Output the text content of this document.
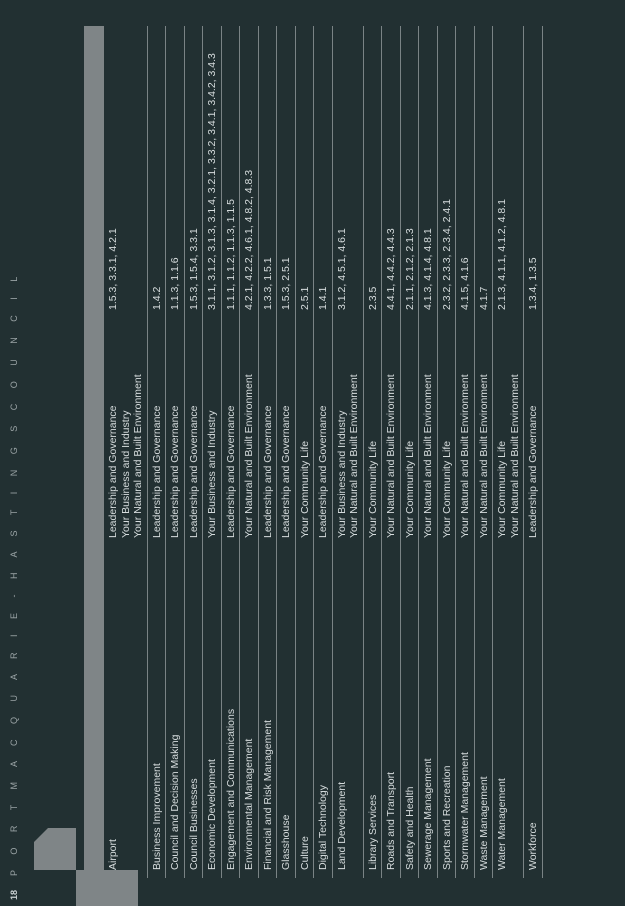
18
P O R T M A C Q U A R I E - H A S T I N G S C O U N C I L	Airport
Leadership and Governance Your Business and Industry Your Natural and Built Environment
1.5.3, 3.3.1, 4.2.1
Business Improvement
Leadership and Governance
1.4.2
Council and Decision Making
Leadership and Governance
1.1.3, 1.1.6
Council Businesses
Leadership and Governance
1.5.3, 1.5.4, 3.3.1
Economic Development
Your Business and Industry
3.1.1, 3.1.2, 3.1.3, 3.1.4, 3.2.1, 3.3.2, 3.4.1, 3.4.2, 3.4.3
Engagement and Communications
Leadership and Governance
1.1.1, 1.1.2, 1.1.3, 1.1.5
Environmental Management
Your Natural and Built Environment
4.2.1, 4.2.2, 4.6.1, 4.8.2, 4.8.3
Financial and Risk Management
Leadership and Governance
1.3.3, 1.5.1
Glasshouse
Leadership and Governance
1.5.3, 2.5.1
Culture
Your Community Life
2.5.1
Digital Technology
Leadership and Governance
1.4.1
Land Development
Your Business and Industry Your Natural and Built Environment
3.1.2, 4.5.1, 4.6.1
Library Services
Your Community Life
2.3.5
Roads and Transport
Your Natural and Built Environment
4.4.1, 4.4.2, 4.4.3
Safety and Health
Your Community Life
2.1.1, 2.1.2, 2.1.3
Sewerage Management
Your Natural and Built Environment
4.1.3, 4.1.4, 4.8.1
Sports and Recreation
Your Community Life
2.3.2, 2.3.3, 2.3.4, 2.4.1
Stormwater Management
Your Natural and Built Environment
4.1.5, 4.1.6
Waste Management
Your Natural and Built Environment
4.1.7
Water Management
Your Community Life Your Natural and Built Environment
2.1.3, 4.1.1, 4.1.2, 4.8.1
Workforce
Leadership and Governance
1.3.4, 1.3.5
